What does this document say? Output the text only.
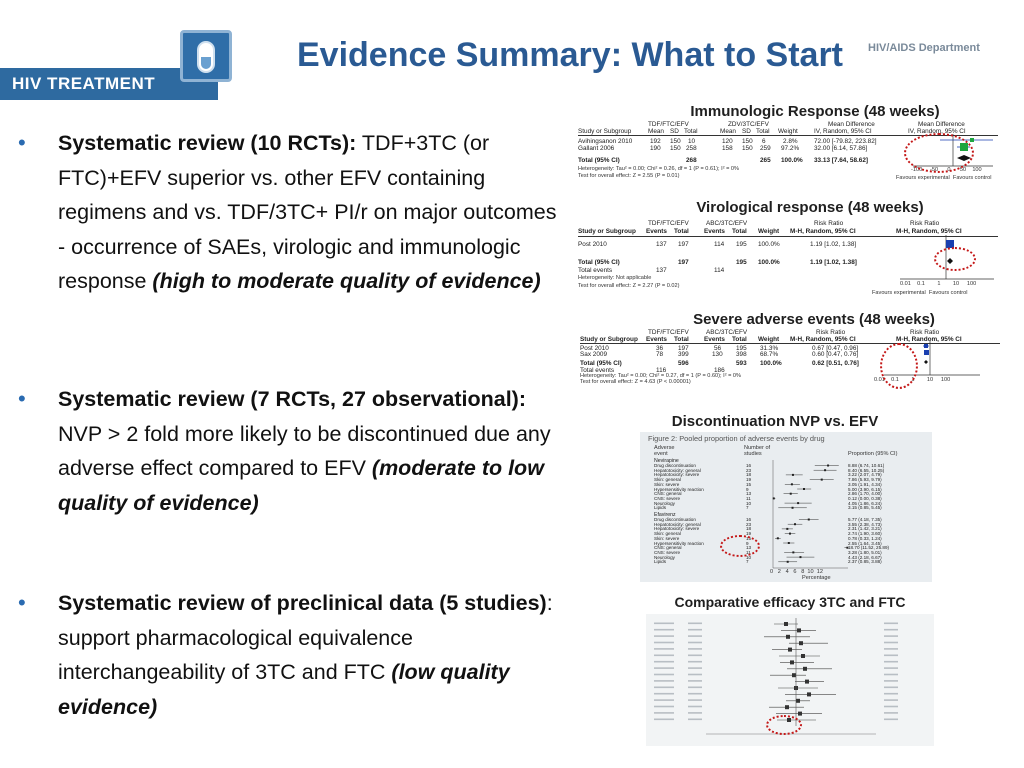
HIV TREATMENT
Evidence Summary: What to Start	HIV/AIDS Department
• Systematic review (10 RCTs): TDF+3TC (or FTC)+EFV superior vs. other EFV containing regimens and vs. TDF/3TC+ PI/r on major outcomes - occurrence of SAEs, virologic and immunologic response (high to moderate quality of evidence)
• Systematic review (7 RCTs, 27 observational): NVP > 2 fold more likely to be discontinued due any adverse effect compared to EFV (moderate to low quality of evidence)
• Systematic review of preclinical data (5 studies): support pharmacological equivalence interchangeability of 3TC and FTC (low quality evidence)
Immunologic Response (48 weeks)
TDF/FTC/EFV	ZDV/3TC/EFV	Mean Difference	Mean Difference
Study or Subgroup	Mean SD Total	Mean SD Total Weight	IV, Random, 95% CI	IV, Random, 95% CI
Avihingsanon 2010	192 150 10	120 150 6	2.8%	72.00 [-79.82, 223.82]
Gallant 2006	190 150 258	158 150 259 97.2% 32.00 [6.14, 57.86]
Total (95% CI)	268	265 100.0% 33.13 [7.64, 58.62]
Heterogeneity: Tau² = 0.00; Chi² = 0.26, df = 1 (P = 0.61); I² = 0%
Test for overall effect: Z = 2.55 (P = 0.01)
-100 -50 0 50 100
Favours experimental Favours control
Virological response (48 weeks)
TDF/FTC/EFV	ABC/3TC/EFV	Risk Ratio	Risk Ratio
Study or Subgroup Events Total Events Total Weight M-H, Random, 95% CI	M-H, Random, 95% CI
Post 2010	137 197	114 195 100.0%	1.19 [1.02, 1.38]
Total (95% CI)	197	195 100.0%	1.19 [1.02, 1.38]
Total events	137	114
Heterogeneity: Not applicable
Test for overall effect: Z = 2.27 (P = 0.02)	0.01 0.1 1 10 100
Favours experimental Favours control
Severe adverse events (48 weeks)
TDF/FTC/EFV	ABC/3TC/EFV	Risk Ratio	Risk Ratio
Study or Subgroup Events Total Events Total Weight M-H, Random, 95% CI	M-H, Random, 95% CI
Post 2010	36 197	56 195 31.3%	0.67 [0.47, 0.96]
Sax 2009	78 399	130 398 68.7%	0.60 [0.47, 0.76]
Total (95% CI)	596	593 100.0%	0.62 [0.51, 0.76]
Total events	116	186
Heterogeneity: Tau² = 0.00; Chi² = 0.27, df = 1 (P = 0.60); I² = 0%
Test for overall effect: Z = 4.63 (P < 0.00001)	0.01 0.1 1 10 100
Discontinuation NVP vs. EFV
Figure 2: Pooled proportion of adverse events by drug
Adverse event
Number of studies	Proportion (95% CI)
Nevirapine
Drug discontinuation	16	8.88 (6.74, 10.61)
Hepatotoxicity: general	23	8.40 (6.55, 10.25)
Hepatotoxicity: severe	18	3.22 (2.07, 4.79)
Skin: general	19	7.86 (5.93, 9.79)
Skin: severe	15	3.05 (1.91, 4.34)
Hypersensitivity reaction	9	5.00 (3.90, 6.15)
CNS: general	13	2.86 (1.70, 4.00)
CNS: severe	11	0.12 (0.00, 0.38)
Neurology	10	4.05 (1.86, 6.24)
Lipids	7	3.15 (0.85, 5.45)
Efavirenz
Drug discontinuation	16	5.77 (4.18, 7.35)
Hepatotoxicity: general	23	3.55 (2.38, 4.73)
Hepatotoxicity: severe	18	2.31 (1.42, 3.21)
Skin: general	19	2.74 (1.90, 3.60)
Skin: severe	15	0.78 (0.33, 1.24)
Hypersensitivity reaction	9	2.55 (1.64, 3.45)
CNS: general	13	18.70 (11.52, 25.89)
CNS: severe	11	3.28 (1.80, 5.01)
Neurology	10	4.43 (2.18, 6.67)
Lipids	7	2.37 (0.85, 3.88)
0 2 4 6 8 10 12
Percentage
Comparative efficacy 3TC and FTC
